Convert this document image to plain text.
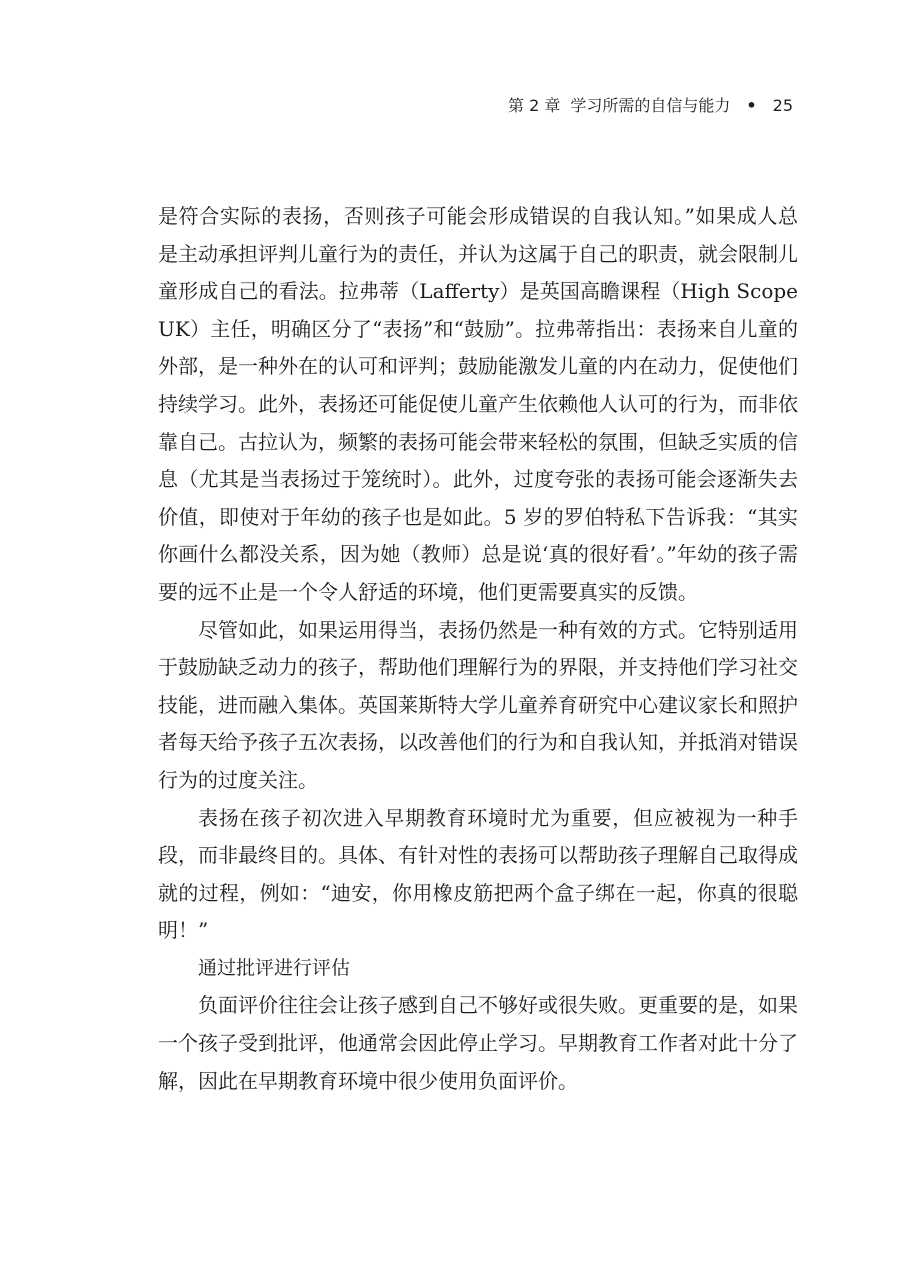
第 2 章 学习所需的自信与能力 • 25

是符合实际的表扬，否则孩子可能会形成错误的自我认知。”如果成人总是主动承担评判儿童行为的责任，并认为这属于自己的职责，就会限制儿童形成自己的看法。拉弗蒂（Lafferty）是英国高瞻课程（High Scope UK）主任，明确区分了“表扬”和“鼓励”。拉弗蒂指出：表扬来自儿童的外部，是一种外在的认可和评判；鼓励能激发儿童的内在动力，促使他们持续学习。此外，表扬还可能促使儿童产生依赖他人认可的行为，而非依靠自己。古拉认为，频繁的表扬可能会带来轻松的氛围，但缺乏实质的信息（尤其是当表扬过于笼统时）。此外，过度夸张的表扬可能会逐渐失去价值，即使对于年幼的孩子也是如此。5 岁的罗伯特私下告诉我：“其实你画什么都没关系，因为她（教师）总是说‘真的很好看’。”年幼的孩子需要的远不止是一个令人舒适的环境，他们更需要真实的反馈。

尽管如此，如果运用得当，表扬仍然是一种有效的方式。它特别适用于鼓励缺乏动力的孩子，帮助他们理解行为的界限，并支持他们学习社交技能，进而融入集体。英国莱斯特大学儿童养育研究中心建议家长和照护者每天给予孩子五次表扬，以改善他们的行为和自我认知，并抵消对错误行为的过度关注。

表扬在孩子初次进入早期教育环境时尤为重要，但应被视为一种手段，而非最终目的。具体、有针对性的表扬可以帮助孩子理解自己取得成就的过程，例如：“迪安，你用橡皮筋把两个盒子绑在一起，你真的很聪明！”

通过批评进行评估

负面评价往往会让孩子感到自己不够好或很失败。更重要的是，如果一个孩子受到批评，他通常会因此停止学习。早期教育工作者对此十分了解，因此在早期教育环境中很少使用负面评价。
